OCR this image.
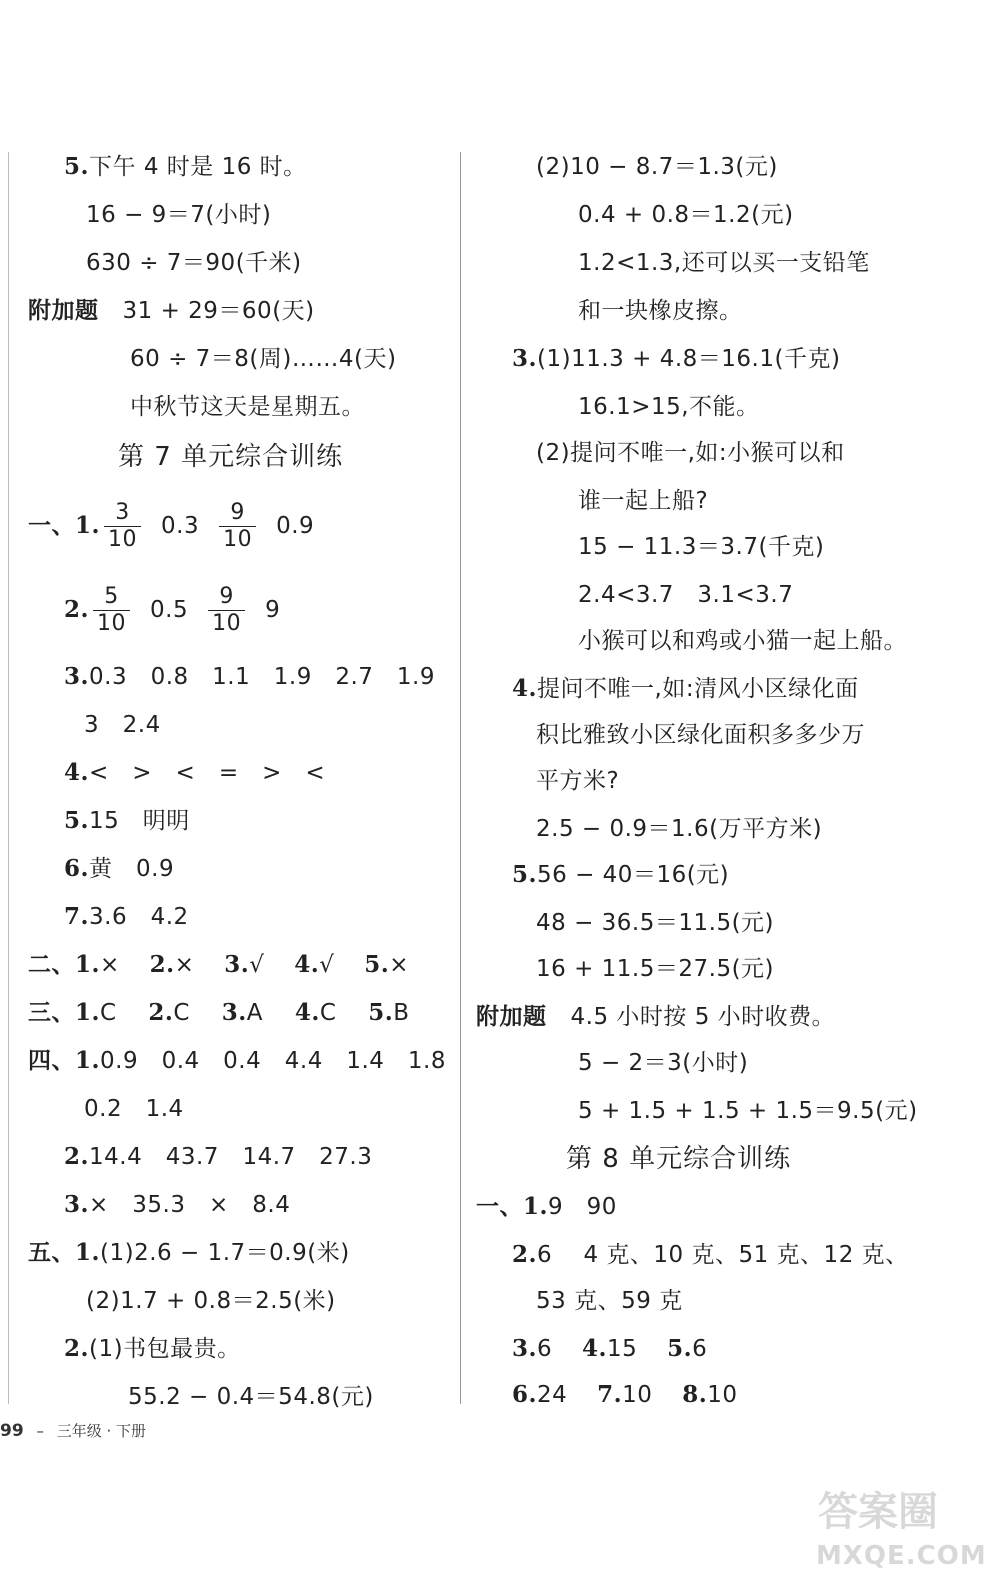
5.下午 4 时是 16 时。
16 − 9＝7(小时)
630 ÷ 7＝90(千米)
附加题 31 + 29＝60(天)
60 ÷ 7＝8(周)……4(天)
中秋节这天是星期五。
第 7 单元综合训练
一、1. $\frac{3}{10} 0.3 \frac{9}{10} 0.9$
2. $\frac{5}{10} 0.5 \frac{9}{10} 9$
3.0.3　0.8　1.1　1.9　2.7　1.9
3　2.4
4.<　>　<　=　>　<
5.15　明明
6.黄　0.9
7.3.6　4.2
二、1.× 2.× 3.√ 4.√ 5.×
三、1.C 2.C 3.A 4.C 5.B
四、1.0.9　0.4　0.4　4.4　1.4　1.8
0.2　1.4
2.14.4　43.7　14.7　27.3
3.×　35.3　×　8.4
五、1.(1)2.6 − 1.7＝0.9(米)
(2)1.7 + 0.8＝2.5(米)
2.(1)书包最贵。
55.2 − 0.4＝54.8(元)
(2)10 − 8.7＝1.3(元)
0.4 + 0.8＝1.2(元)
1.2<1.3,还可以买一支铅笔
和一块橡皮擦。
3.(1)11.3 + 4.8＝16.1(千克)
16.1>15,不能。
(2)提问不唯一,如:小猴可以和
谁一起上船?
15 − 11.3＝3.7(千克)
2.4<3.7　3.1<3.7
小猴可以和鸡或小猫一起上船。
4.提问不唯一,如:清风小区绿化面
积比雅致小区绿化面积多多少万
平方米?
2.5 − 0.9＝1.6(万平方米)
5.56 − 40＝16(元)
48 − 36.5＝11.5(元)
16 + 11.5＝27.5(元)
附加题 4.5 小时按 5 小时收费。
5 − 2＝3(小时)
5 + 1.5 + 1.5 + 1.5＝9.5(元)
第 8 单元综合训练
一、1.9　90
2.6　 4 克、10 克、51 克、12 克、
53 克、59 克
3.6 4.15 5.6
6.24 7.10 8.10
99 – 三年级 · 下册
答案圈
MXQE.COM
